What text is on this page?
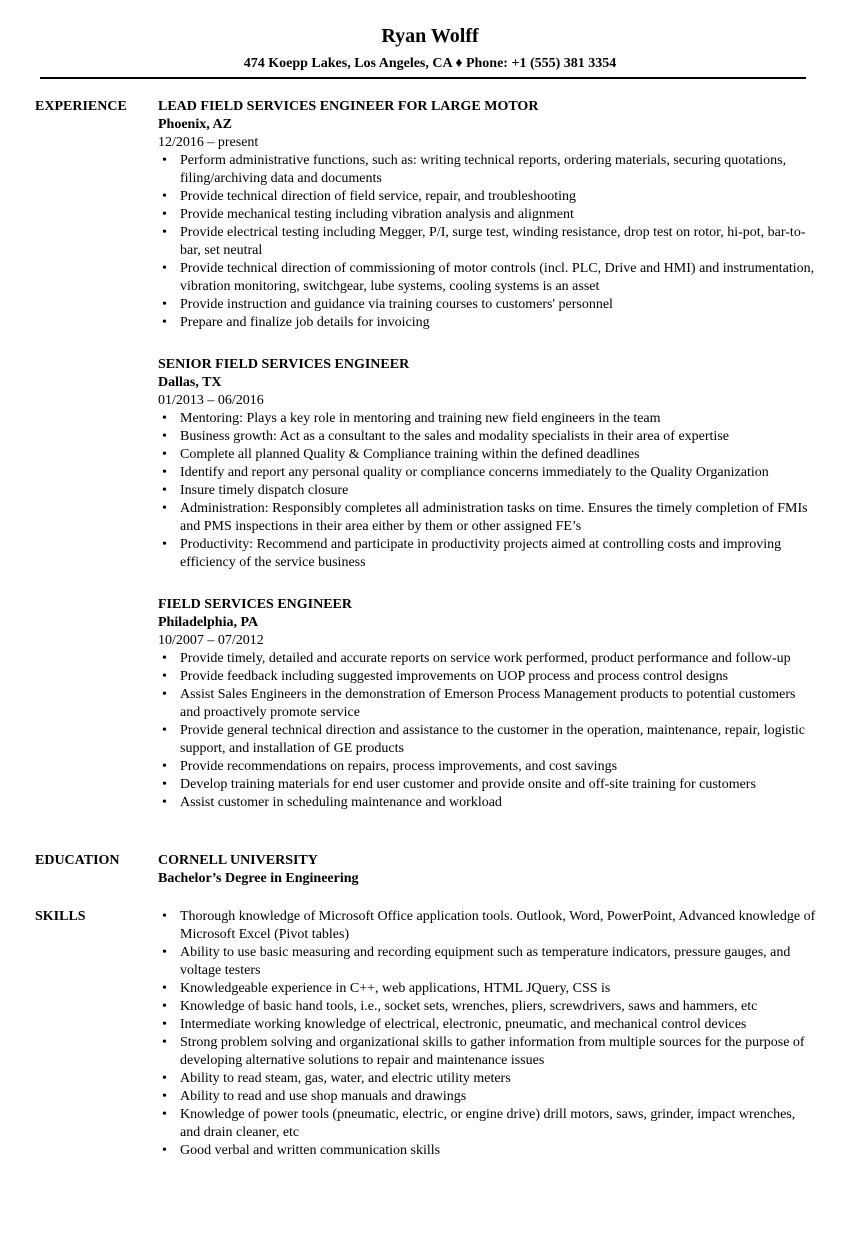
Ryan Wolff
474 Koepp Lakes, Los Angeles, CA ♦ Phone: +1 (555) 381 3354
EXPERIENCE LEAD FIELD SERVICES ENGINEER FOR LARGE MOTOR
Phoenix, AZ
12/2016 – present
• Perform administrative functions, such as: writing technical reports, ordering materials, securing quotations, filing/archiving data and documents
• Provide technical direction of field service, repair, and troubleshooting
• Provide mechanical testing including vibration analysis and alignment
• Provide electrical testing including Megger, P/I, surge test, winding resistance, drop test on rotor, hi-pot, bar-to-bar, set neutral
• Provide technical direction of commissioning of motor controls (incl. PLC, Drive and HMI) and instrumentation, vibration monitoring, switchgear, lube systems, cooling systems is an asset
• Provide instruction and guidance via training courses to customers' personnel
• Prepare and finalize job details for invoicing
SENIOR FIELD SERVICES ENGINEER
Dallas, TX
01/2013 – 06/2016
• Mentoring: Plays a key role in mentoring and training new field engineers in the team
• Business growth: Act as a consultant to the sales and modality specialists in their area of expertise
• Complete all planned Quality & Compliance training within the defined deadlines
• Identify and report any personal quality or compliance concerns immediately to the Quality Organization
• Insure timely dispatch closure
• Administration: Responsibly completes all administration tasks on time. Ensures the timely completion of FMIs and PMS inspections in their area either by them or other assigned FE’s
• Productivity: Recommend and participate in productivity projects aimed at controlling costs and improving efficiency of the service business
FIELD SERVICES ENGINEER
Philadelphia, PA
10/2007 – 07/2012
• Provide timely, detailed and accurate reports on service work performed, product performance and follow-up
• Provide feedback including suggested improvements on UOP process and process control designs
• Assist Sales Engineers in the demonstration of Emerson Process Management products to potential customers and proactively promote service
• Provide general technical direction and assistance to the customer in the operation, maintenance, repair, logistic support, and installation of GE products
• Provide recommendations on repairs, process improvements, and cost savings
• Develop training materials for end user customer and provide onsite and off-site training for customers
• Assist customer in scheduling maintenance and workload
EDUCATION	CORNELL UNIVERSITY
Bachelor’s Degree in Engineering
SKILLS	• Thorough knowledge of Microsoft Office application tools. Outlook, Word, PowerPoint, Advanced knowledge of Microsoft Excel (Pivot tables)
• Ability to use basic measuring and recording equipment such as temperature indicators, pressure gauges, and voltage testers
• Knowledgeable experience in C++, web applications, HTML JQuery, CSS is
• Knowledge of basic hand tools, i.e., socket sets, wrenches, pliers, screwdrivers, saws and hammers, etc
• Intermediate working knowledge of electrical, electronic, pneumatic, and mechanical control devices
• Strong problem solving and organizational skills to gather information from multiple sources for the purpose of developing alternative solutions to repair and maintenance issues
• Ability to read steam, gas, water, and electric utility meters
• Ability to read and use shop manuals and drawings
• Knowledge of power tools (pneumatic, electric, or engine drive) drill motors, saws, grinder, impact wrenches, and drain cleaner, etc
• Good verbal and written communication skills
